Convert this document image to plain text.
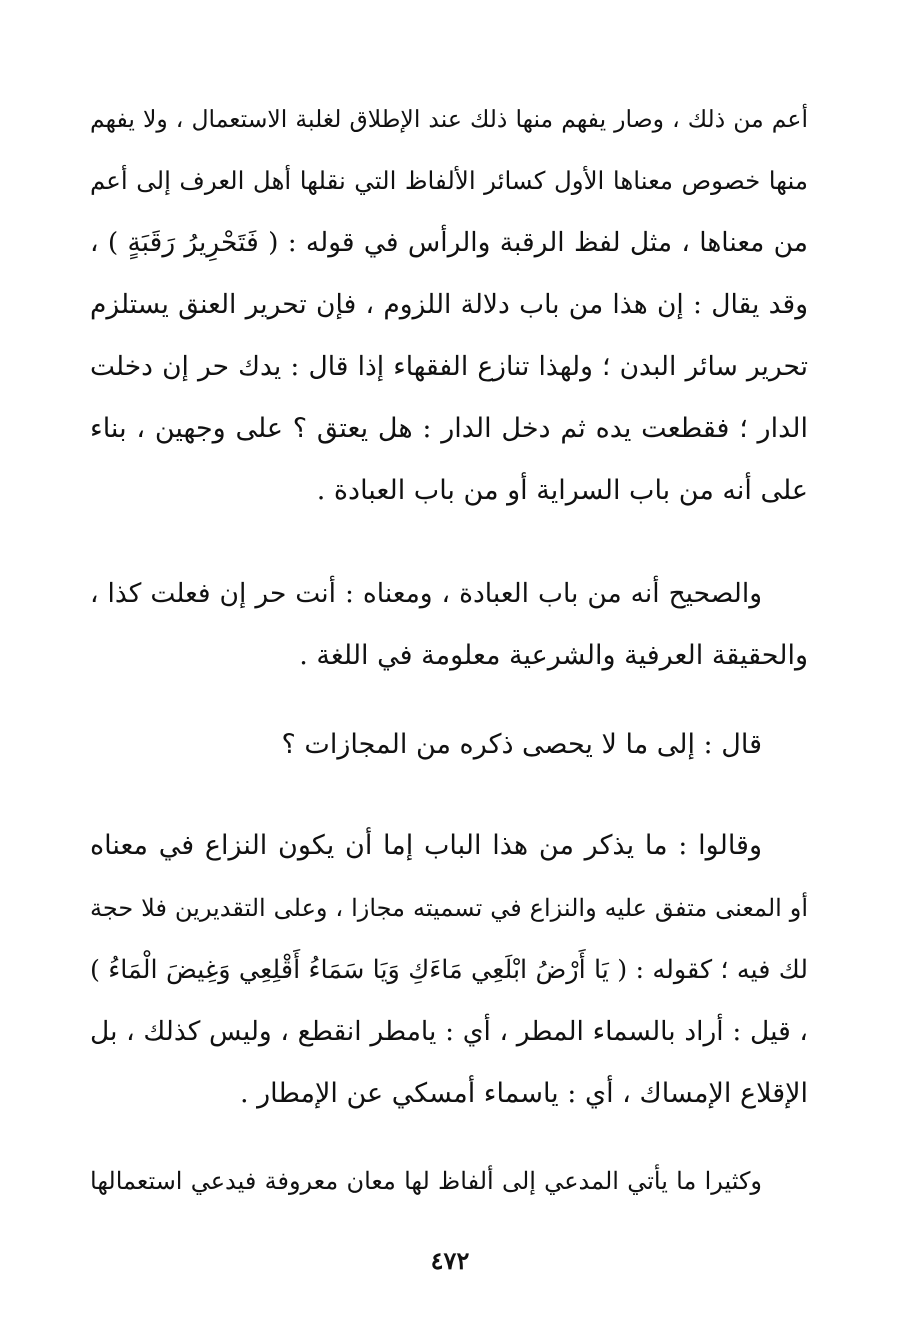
أعم من ذلك ، وصار يفهم منها ذلك عند الإطلاق لغلبة الاستعمال ، ولا يفهم
منها خصوص معناها الأول كسائر الألفاظ التي نقلها أهل العرف إلى أعم
من معناها ، مثل لفظ الرقبة والرأس في قوله : ( فَتَحْرِيرُ رَقَبَةٍ ) ،
وقد يقال : إن هذا من باب دلالة اللزوم ، فإن تحرير العنق يستلزم
تحرير سائر البدن ؛ ولهذا تنازع الفقهاء إذا قال : يدك حر إن دخلت
الدار ؛ فقطعت يده ثم دخل الدار : هل يعتق ؟ على وجهين ، بناء
على أنه من باب السراية أو من باب العبادة .
والصحيح أنه من باب العبادة ، ومعناه : أنت حر إن فعلت كذا ،
والحقيقة العرفية والشرعية معلومة في اللغة .
قال : إلى ما لا يحصى ذكره من المجازات ؟
وقالوا : ما يذكر من هذا الباب إما أن يكون النزاع في معناه
أو المعنى متفق عليه والنزاع في تسميته مجازا ، وعلى التقديرين فلا حجة
لك فيه ؛ كقوله : ( يَا أَرْضُ ابْلَعِي مَاءَكِ وَيَا سَمَاءُ أَقْلِعِي وَغِيضَ الْمَاءُ )
، قيل : أراد بالسماء المطر ، أي : يامطر انقطع ، وليس كذلك ، بل
الإقلاع الإمساك ، أي : ياسماء أمسكي عن الإمطار .
وكثيرا ما يأتي المدعي إلى ألفاظ لها معان معروفة فيدعي استعمالها
٤٧٢
